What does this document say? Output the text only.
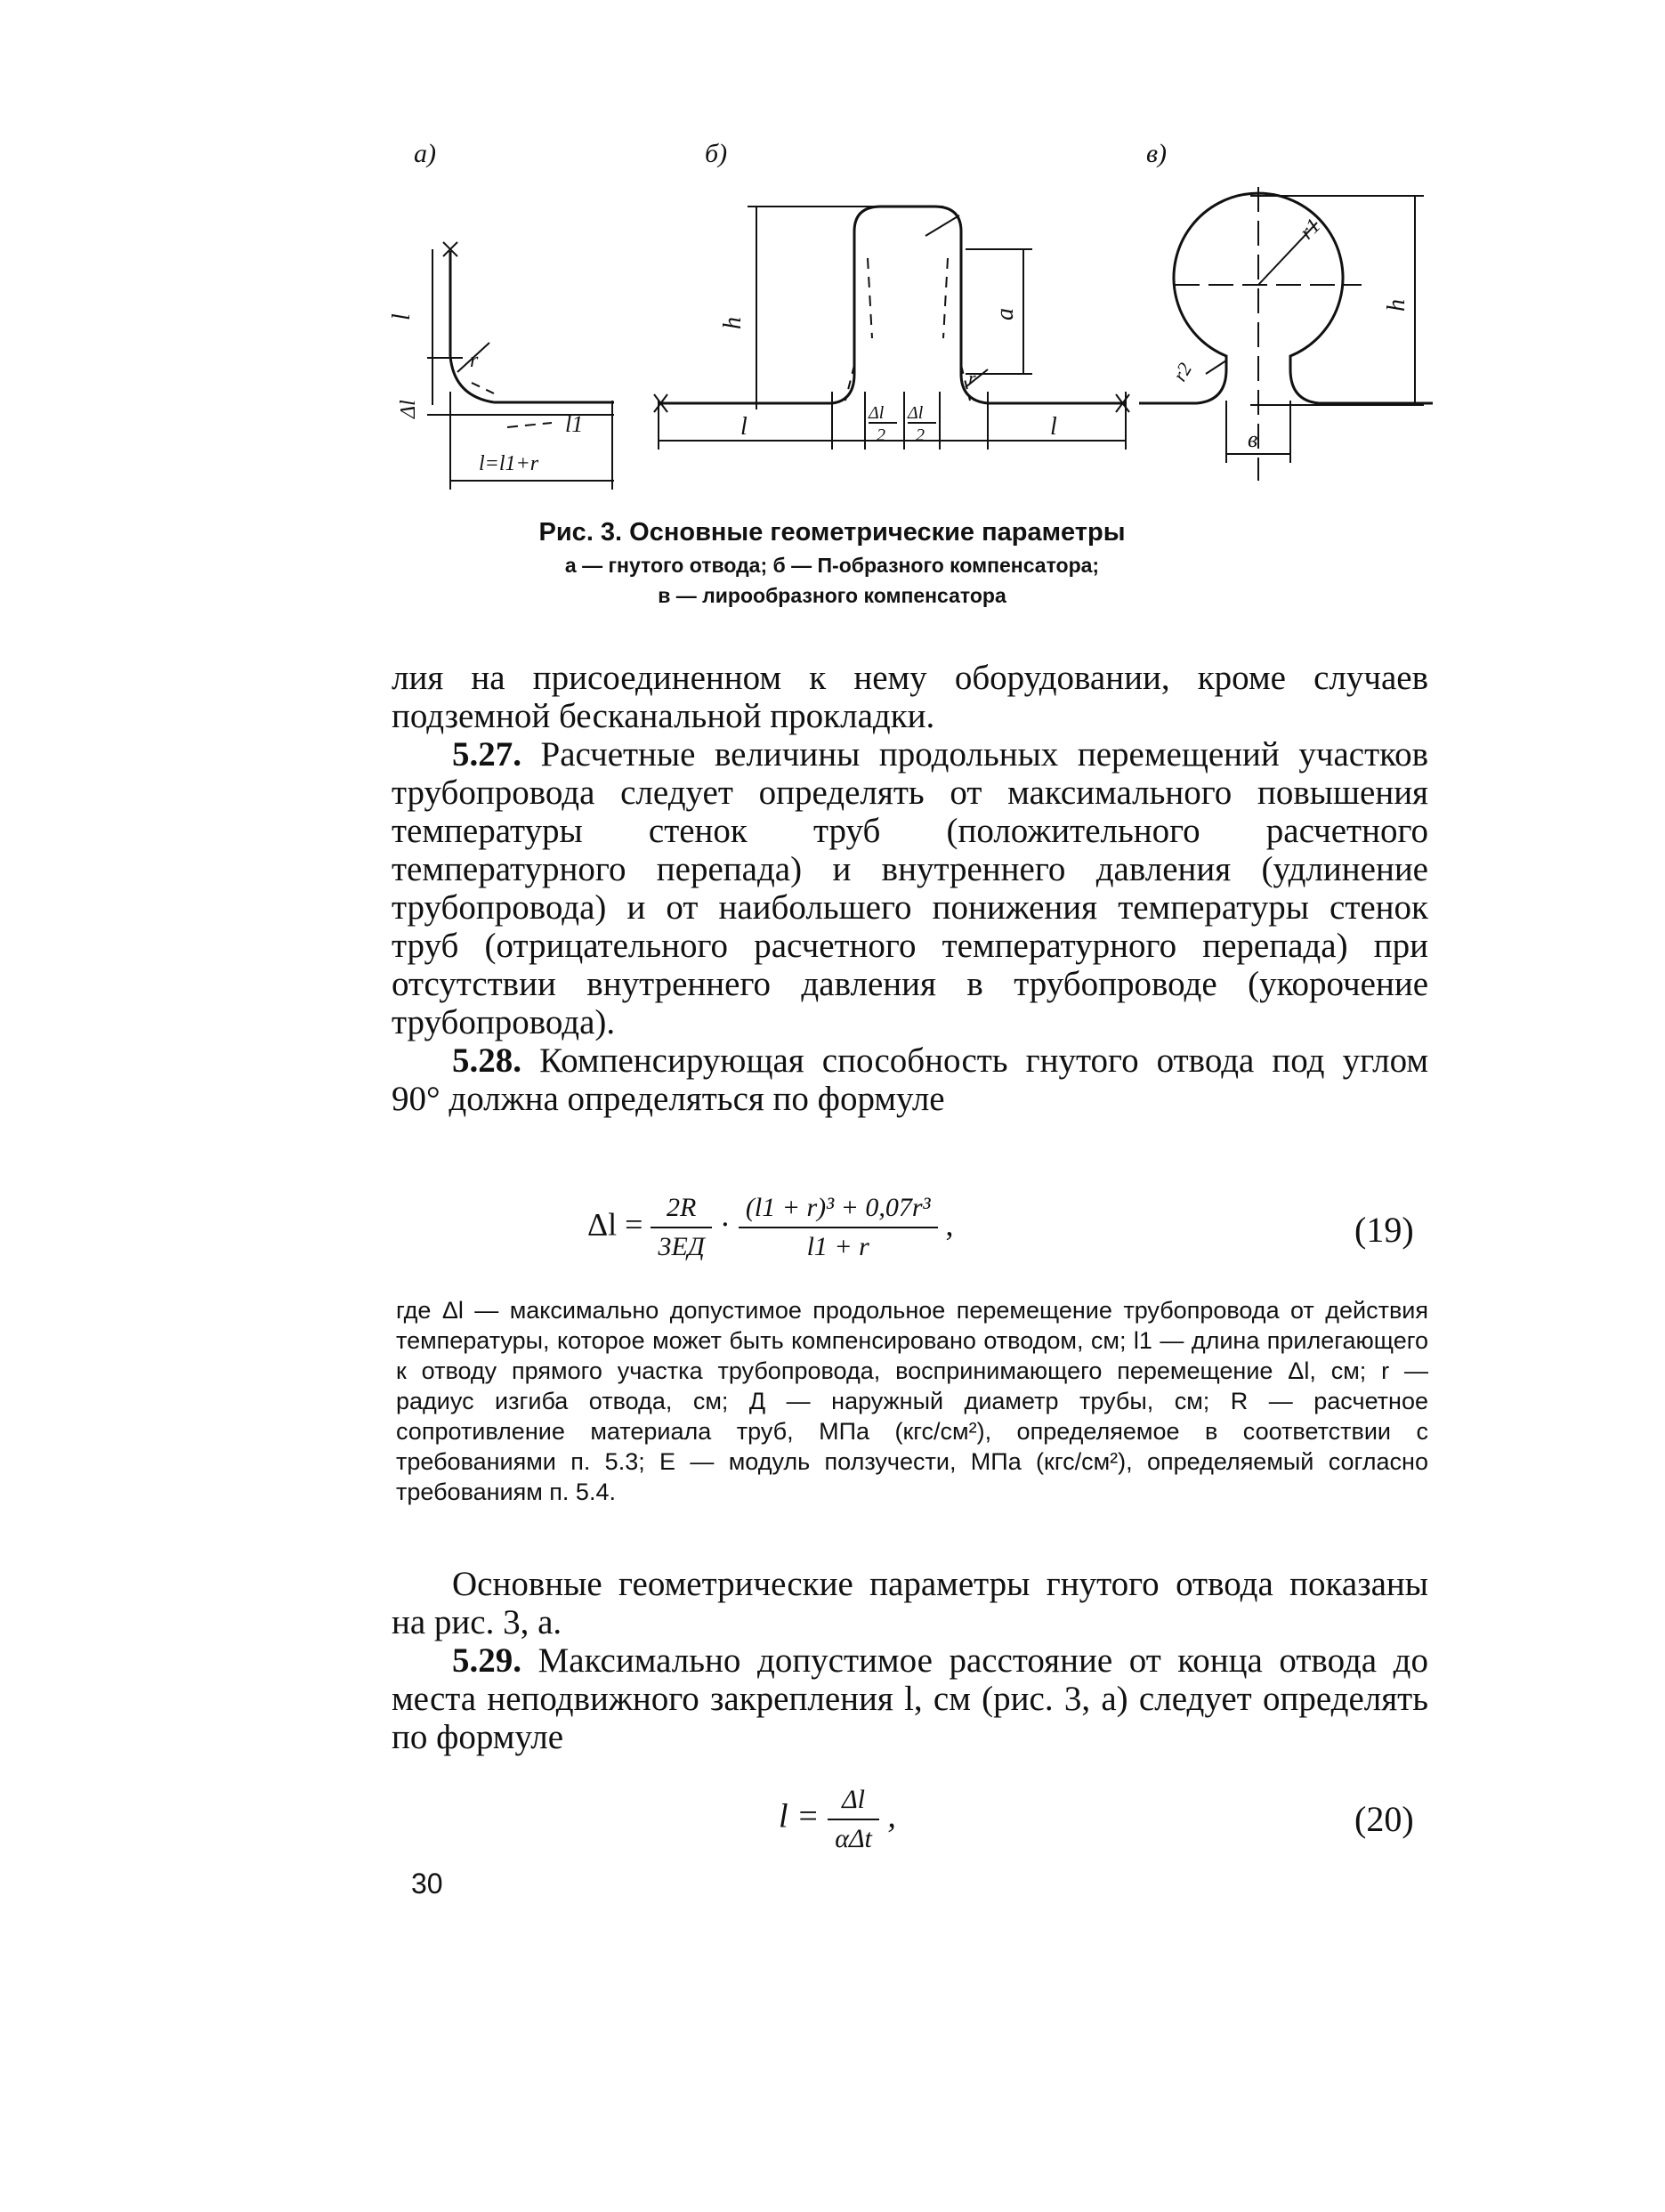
а)	б)	в)
l
r
Δl
l1
l=l1+r
h
a
r
l	l
Δl
2
Δl
2
r1
r2
h
в
Рис. 3. Основные геометрические параметры
а — гнутого отвода; б — П-образного компенсатора;
в — лирообразного компенсатора

лия на присоединенном к нему оборудовании, кроме случаев подземной бесканальной прокладки.

5.27. Расчетные величины продольных перемещений участков трубопровода следует определять от максимального повышения температуры стенок труб (положительного расчетного температурного перепада) и внутреннего давления (удлинение трубопровода) и от наибольшего понижения температуры стенок труб (отрицательного расчетного температурного перепада) при отсутствии внутреннего давления в трубопроводе (укорочение трубопровода).

5.28. Компенсирующая способность гнутого отвода под углом 90° должна определяться по формуле

$\Delta l = \frac{2R}{3EД} \cdot \frac{\text{(l1 + r)³ + 0,07r³}}{l1 + r}$ ,	(19)

где Δl — максимально допустимое продольное перемещение трубопровода от действия температуры, которое может быть компенсировано отводом, см; l1 — длина прилегающего к отводу прямого участка трубопровода, воспринимающего перемещение Δl, см; r — радиус изгиба отвода, см; Д — наружный диаметр трубы, см; R — расчетное сопротивление материала труб, МПа (кгс/см²), определяемое в соответствии с требованиями п. 5.3; E — модуль ползучести, МПа (кгс/см²), определяемый согласно требованиям п. 5.4.

Основные геометрические параметры гнутого отвода показаны на рис. 3, а.

5.29. Максимально допустимое расстояние от конца отвода до места неподвижного закрепления l, см (рис. 3, а) следует определять по формуле

$l = \frac{\Delta l}{\text{αΔt}}$ ,	(20)
30
